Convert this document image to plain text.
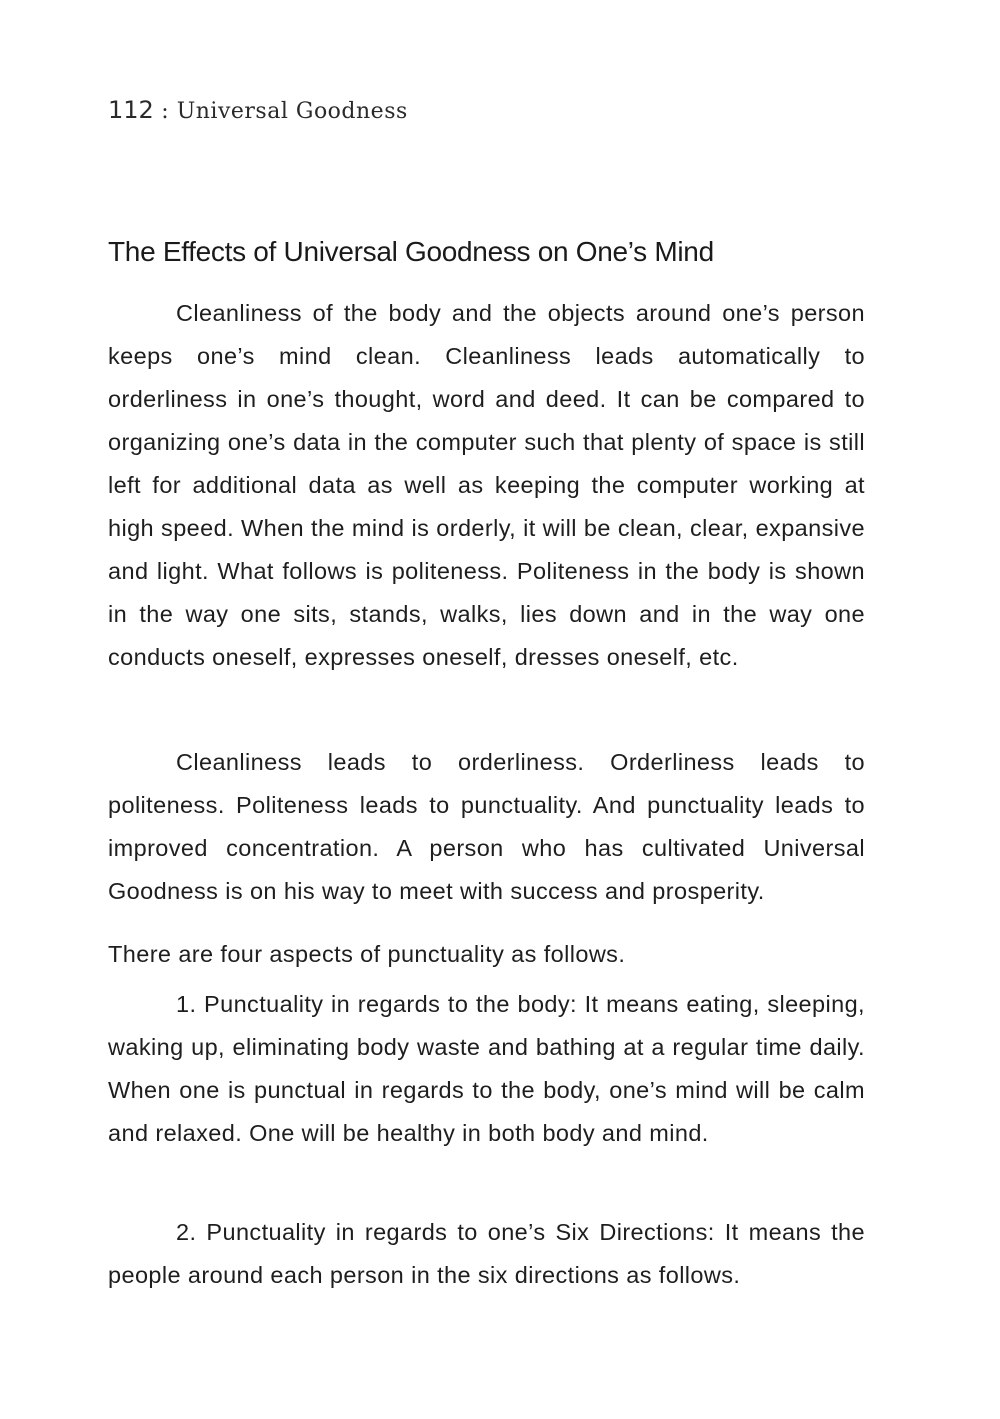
112 : Universal Goodness
The Effects of Universal Goodness on One’s Mind

Cleanliness of the body and the objects around one’s person keeps one’s mind clean. Cleanliness leads automatically to orderliness in one’s thought, word and deed. It can be compared to organizing one’s data in the computer such that plenty of space is still left for additional data as well as keeping the computer working at high speed. When the mind is orderly, it will be clean, clear, expansive and light. What follows is politeness. Politeness in the body is shown in the way one sits, stands, walks, lies down and in the way one conducts oneself, expresses oneself, dresses oneself, etc.

Cleanliness leads to orderliness. Orderliness leads to politeness. Politeness leads to punctuality. And punctuality leads to improved concentration. A person who has cultivated Universal Goodness is on his way to meet with success and prosperity.

There are four aspects of punctuality as follows.

1. Punctuality in regards to the body: It means eating, sleeping, waking up, eliminating body waste and bathing at a regular time daily. When one is punctual in regards to the body, one’s mind will be calm and relaxed. One will be healthy in both body and mind.

2. Punctuality in regards to one’s Six Directions: It means the people around each person in the six directions as follows.
